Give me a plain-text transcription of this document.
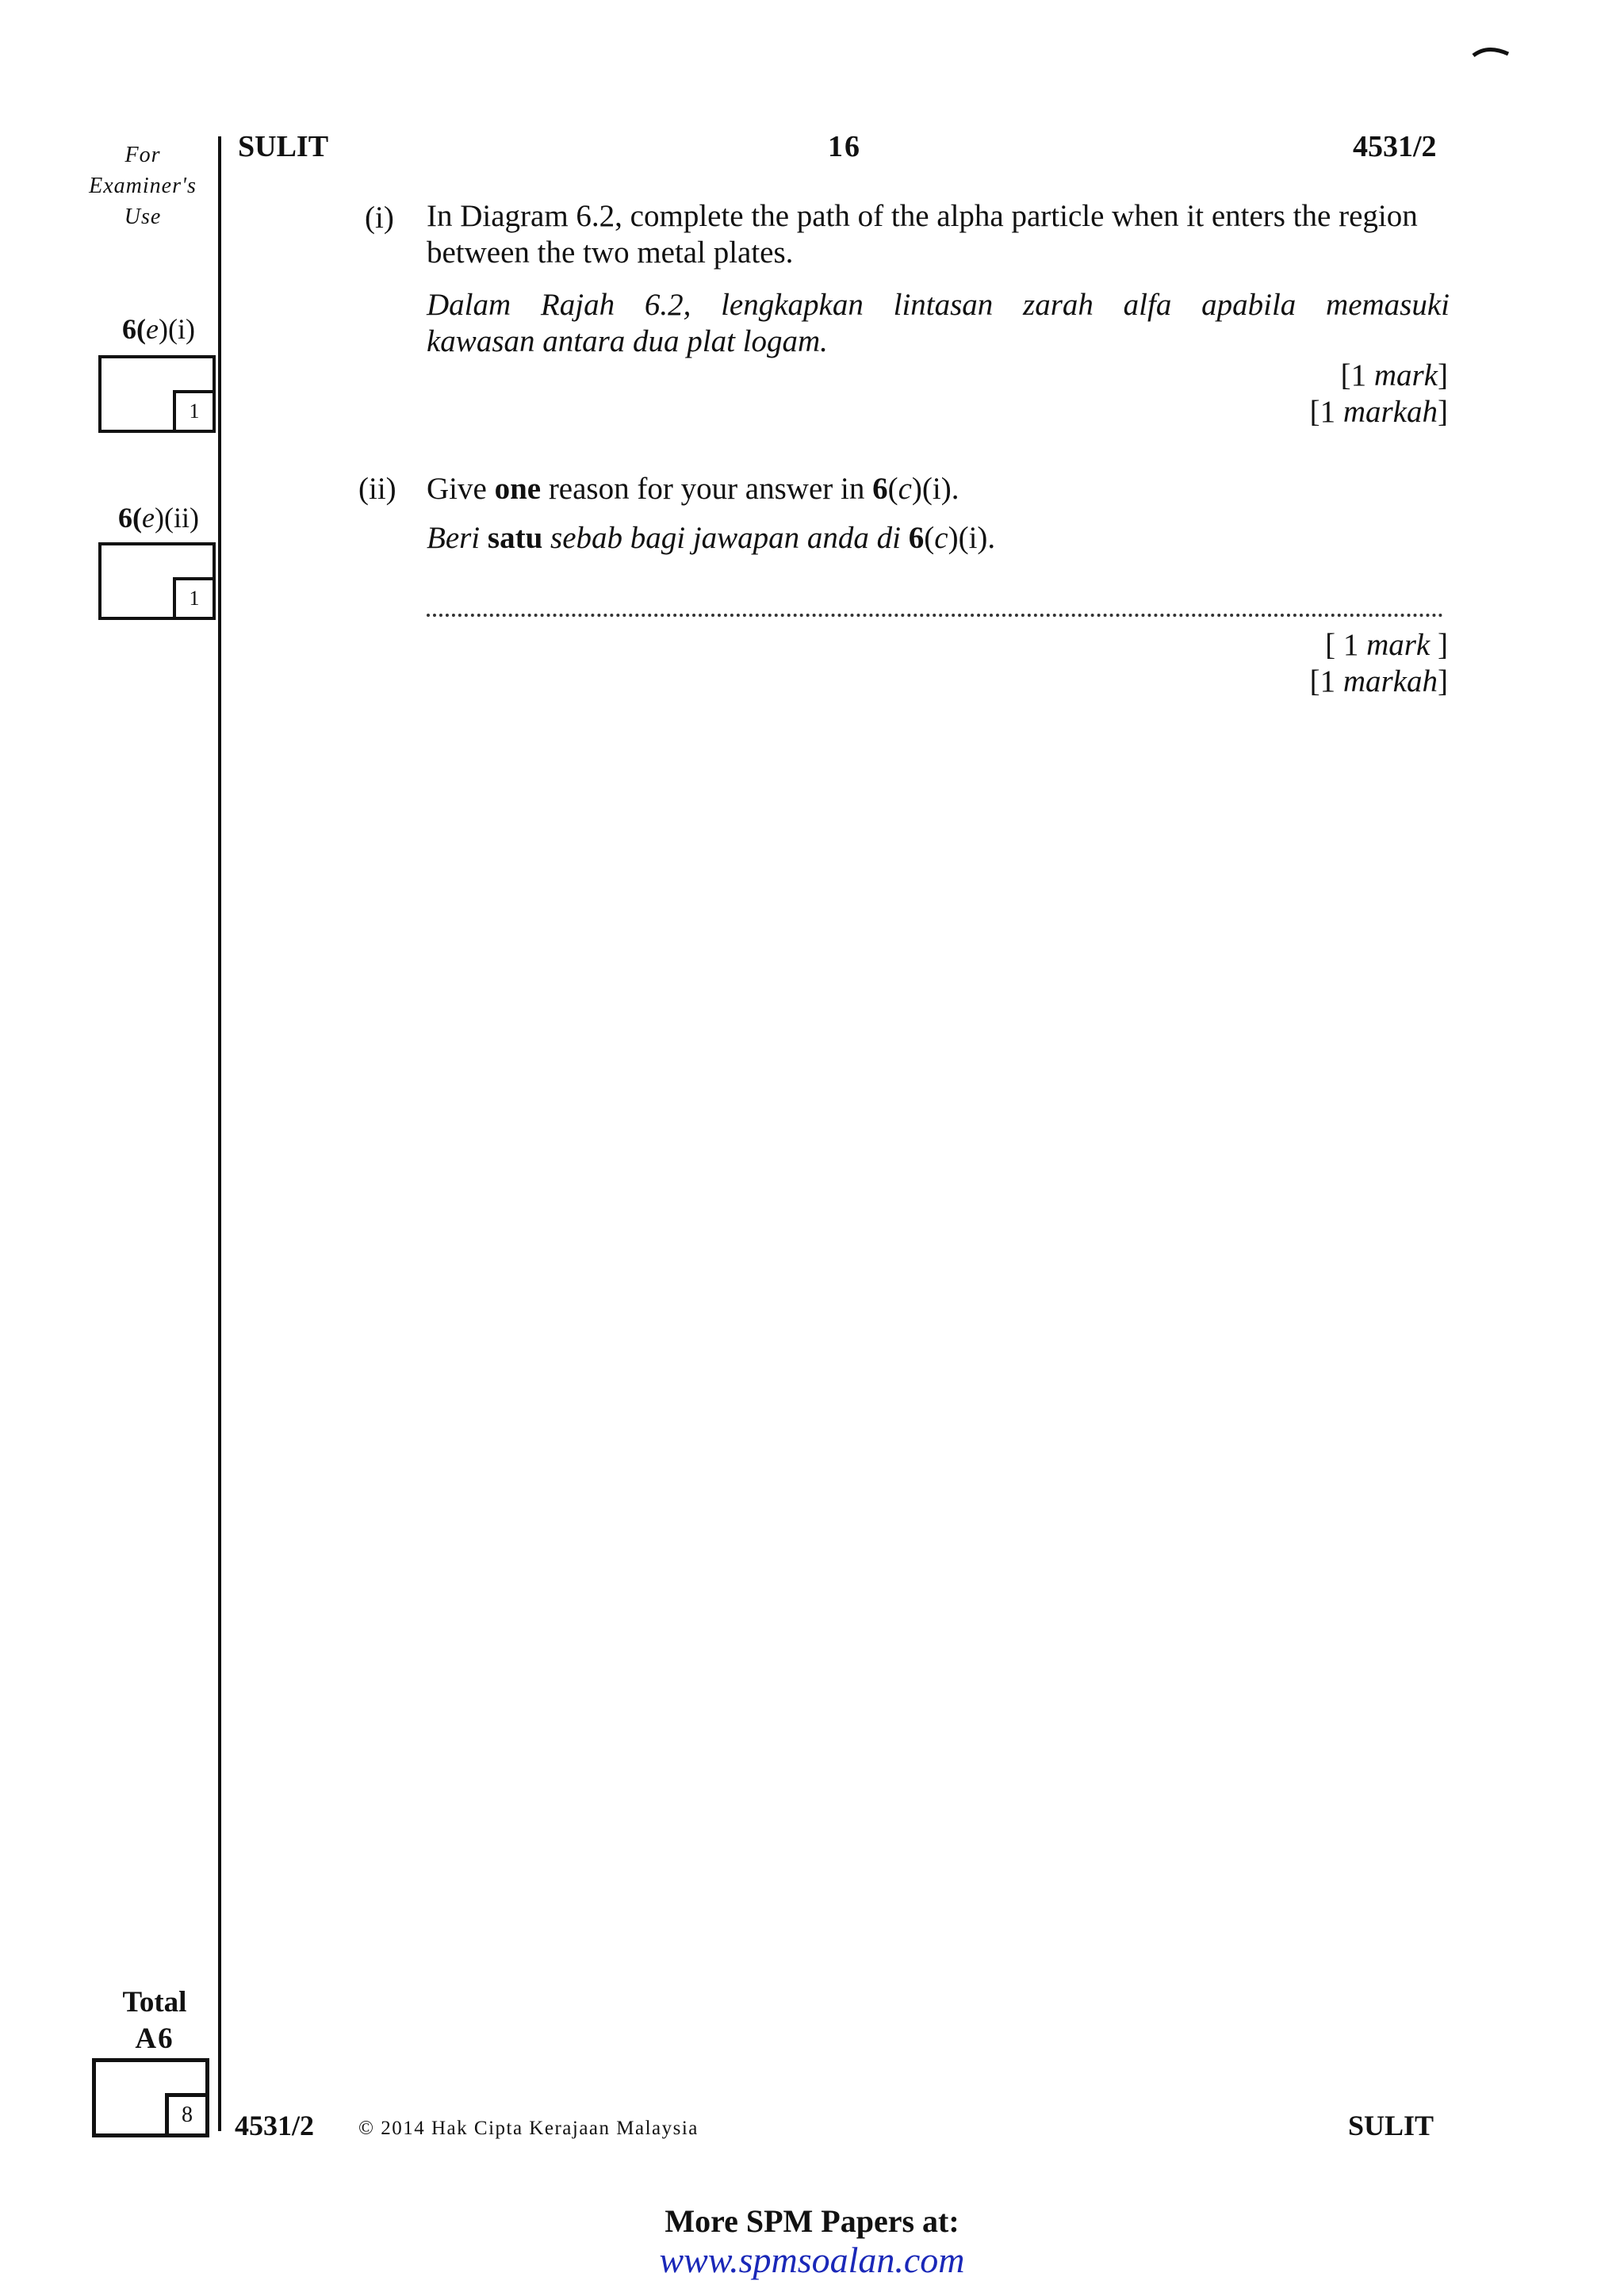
For
Examiner's
Use
6(e)(i)
1
6(e)(ii)
1
Total
A6
8
SULIT	16	4531/2
(i) In Diagram 6.2, complete the path of the alpha particle when it enters the region
between the two metal plates.
Dalam Rajah 6.2, lengkapkan lintasan zarah alfa apabila memasuki
kawasan antara dua plat logam.
[1 mark]
[1 markah]
(ii) Give one reason for your answer in 6(c)(i).
Beri satu sebab bagi jawapan anda di 6(c)(i).
[ 1 mark ]
[1 markah]
4531/2 © 2014 Hak Cipta Kerajaan Malaysia	SULIT
More SPM Papers at:
www.spmsoalan.com
